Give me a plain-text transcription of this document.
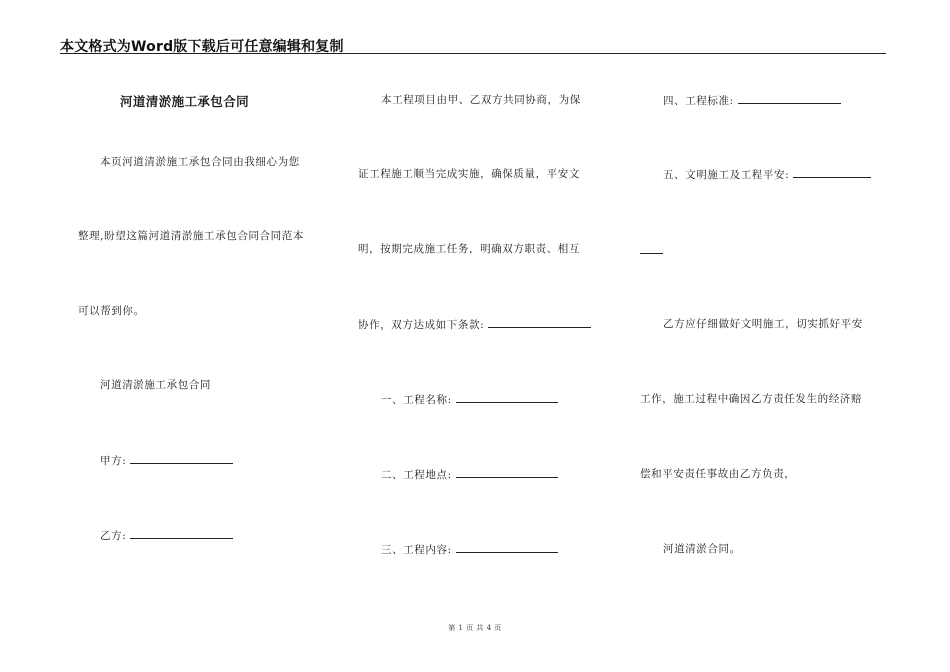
本文格式为Word版下载后可任意编辑和复制
河道清淤施工承包合同
本页河道清淤施工承包合同由我细心为您
整理,盼望这篇河道清淤施工承包合同合同范本
可以帮到你。
河道清淤施工承包合同
甲方:
乙方:
本工程项目由甲、乙双方共同协商，为保
证工程施工顺当完成实施，确保质量，平安文
明，按期完成施工任务，明确双方职责、相互
协作，双方达成如下条款:
一、工程名称:
二、工程地点:
三、工程内容:
四、工程标准:
五、文明施工及工程平安:
乙方应仔细做好文明施工，切实抓好平安
工作，施工过程中确因乙方责任发生的经济赔
偿和平安责任事故由乙方负责，
河道清淤合同。
第 1 页 共 4 页
